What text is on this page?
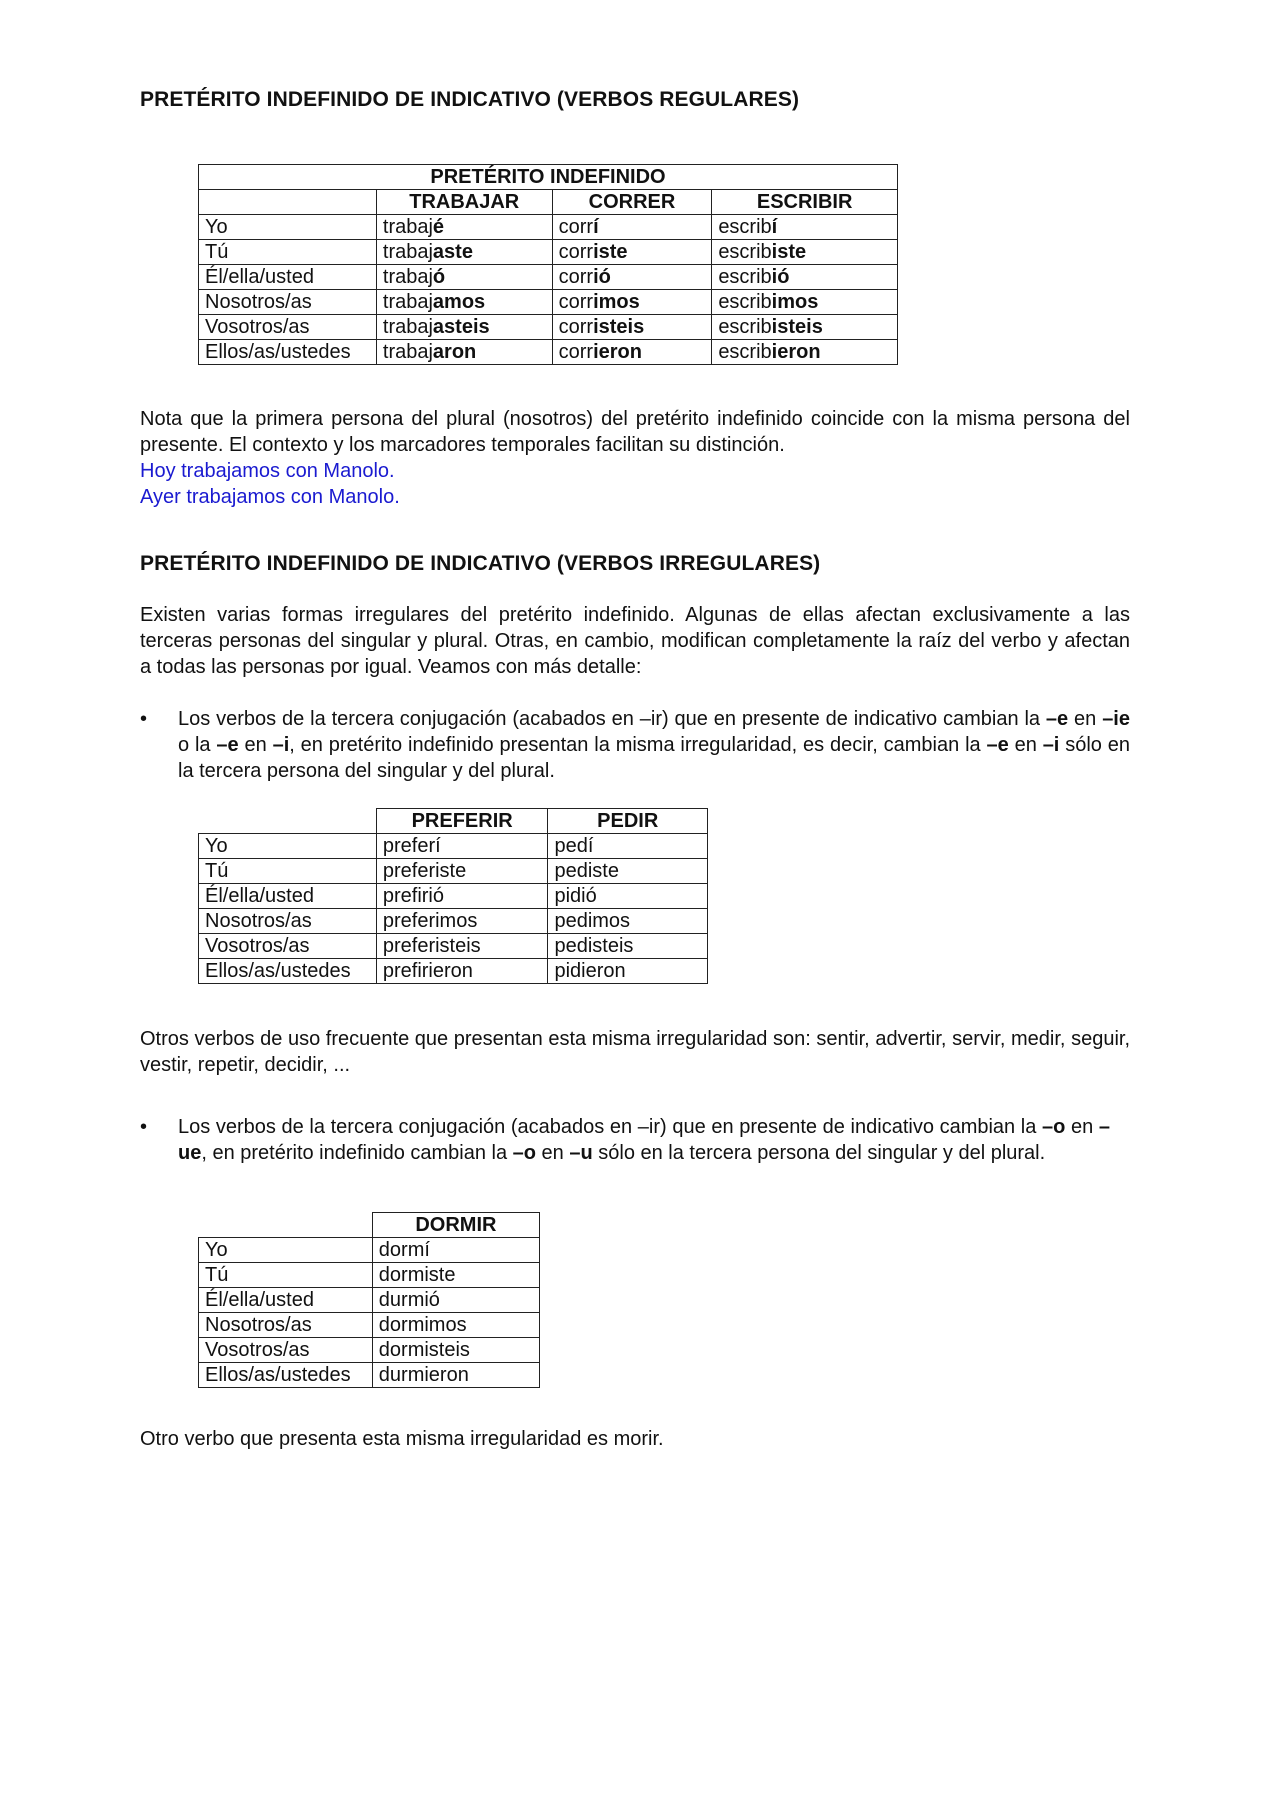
PRETÉRITO INDEFINIDO DE INDICATIVO (VERBOS REGULARES)
PRETÉRITO INDEFINIDO			
	TRABAJAR	CORRER	ESCRIBIR
Yo	trabajé	corrí	escribí
Tú	trabajaste	corriste	escribiste
Él/ella/usted	trabajó	corrió	escribió
Nosotros/as	trabajamos	corrimos	escribimos
Vosotros/as	trabajasteis	corristeis	escribisteis
Ellos/as/ustedes	trabajaron	corrieron	escribieron

Nota que la primera persona del plural (nosotros) del pretérito indefinido coincide con la misma persona del presente. El contexto y los marcadores temporales facilitan su distinción.

Hoy trabajamos con Manolo.

Ayer trabajamos con Manolo.

PRETÉRITO INDEFINIDO DE INDICATIVO (VERBOS IRREGULARES)

Existen varias formas irregulares del pretérito indefinido. Algunas de ellas afectan exclusivamente a las terceras personas del singular y plural. Otras, en cambio, modifican completamente la raíz del verbo y afectan a todas las personas por igual. Veamos con más detalle:

• Los verbos de la tercera conjugación (acabados en –ir) que en presente de indicativo cambian la –e en –ie o la –e en –i, en pretérito indefinido presentan la misma irregularidad, es decir, cambian la –e en –i sólo en la tercera persona del singular y del plural.
	PREFERIR	PEDIR
Yo	preferí	pedí
Tú	preferiste	pediste
Él/ella/usted	prefirió	pidió
Nosotros/as	preferimos	pedimos
Vosotros/as	preferisteis	pedisteis
Ellos/as/ustedes	prefirieron	pidieron

Otros verbos de uso frecuente que presentan esta misma irregularidad son: sentir, advertir, servir, medir, seguir, vestir, repetir, decidir, ...

• Los verbos de la tercera conjugación (acabados en –ir) que en presente de indicativo cambian la –o en –ue, en pretérito indefinido cambian la –o en –u sólo en la tercera persona del singular y del plural.
	DORMIR
Yo	dormí
Tú	dormiste
Él/ella/usted	durmió
Nosotros/as	dormimos
Vosotros/as	dormisteis
Ellos/as/ustedes	durmieron

Otro verbo que presenta esta misma irregularidad es morir.
